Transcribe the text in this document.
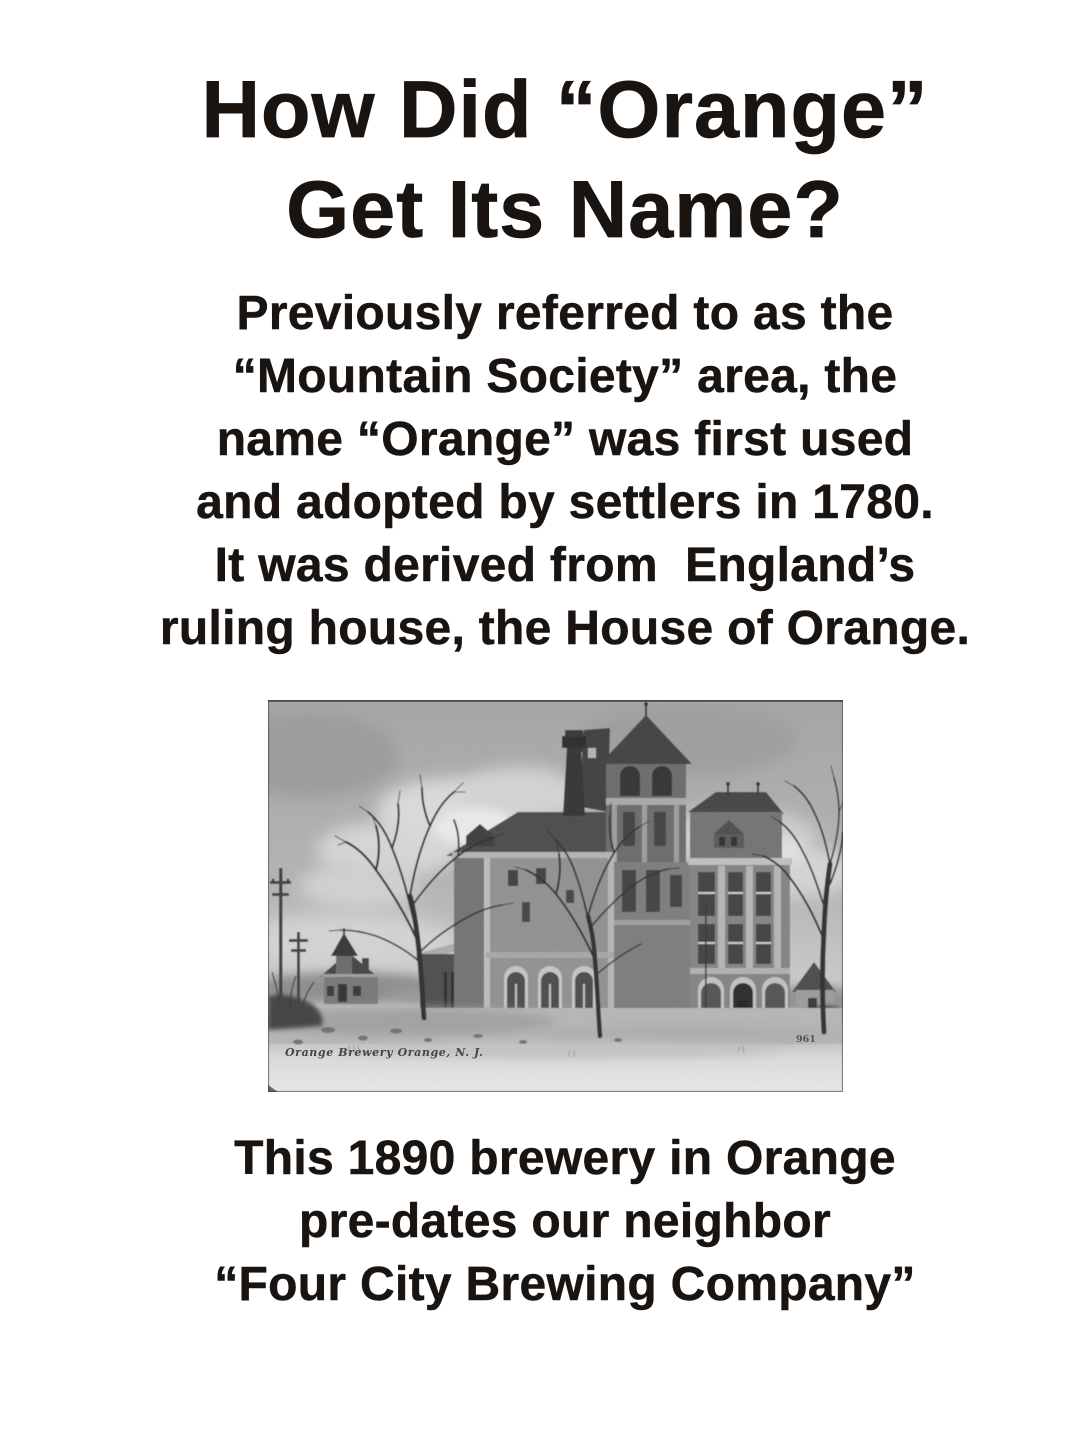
How Did “Orange”
Get Its Name?
Previously referred to as the
“Mountain Society” area, the
name “Orange” was first used
and adopted by settlers in 1780.
It was derived from  England’s
ruling house, the House of Orange.
Orange Brewery Orange, N. J.
961
This 1890 brewery in Orange
pre-dates our neighbor
“Four City Brewing Company”
